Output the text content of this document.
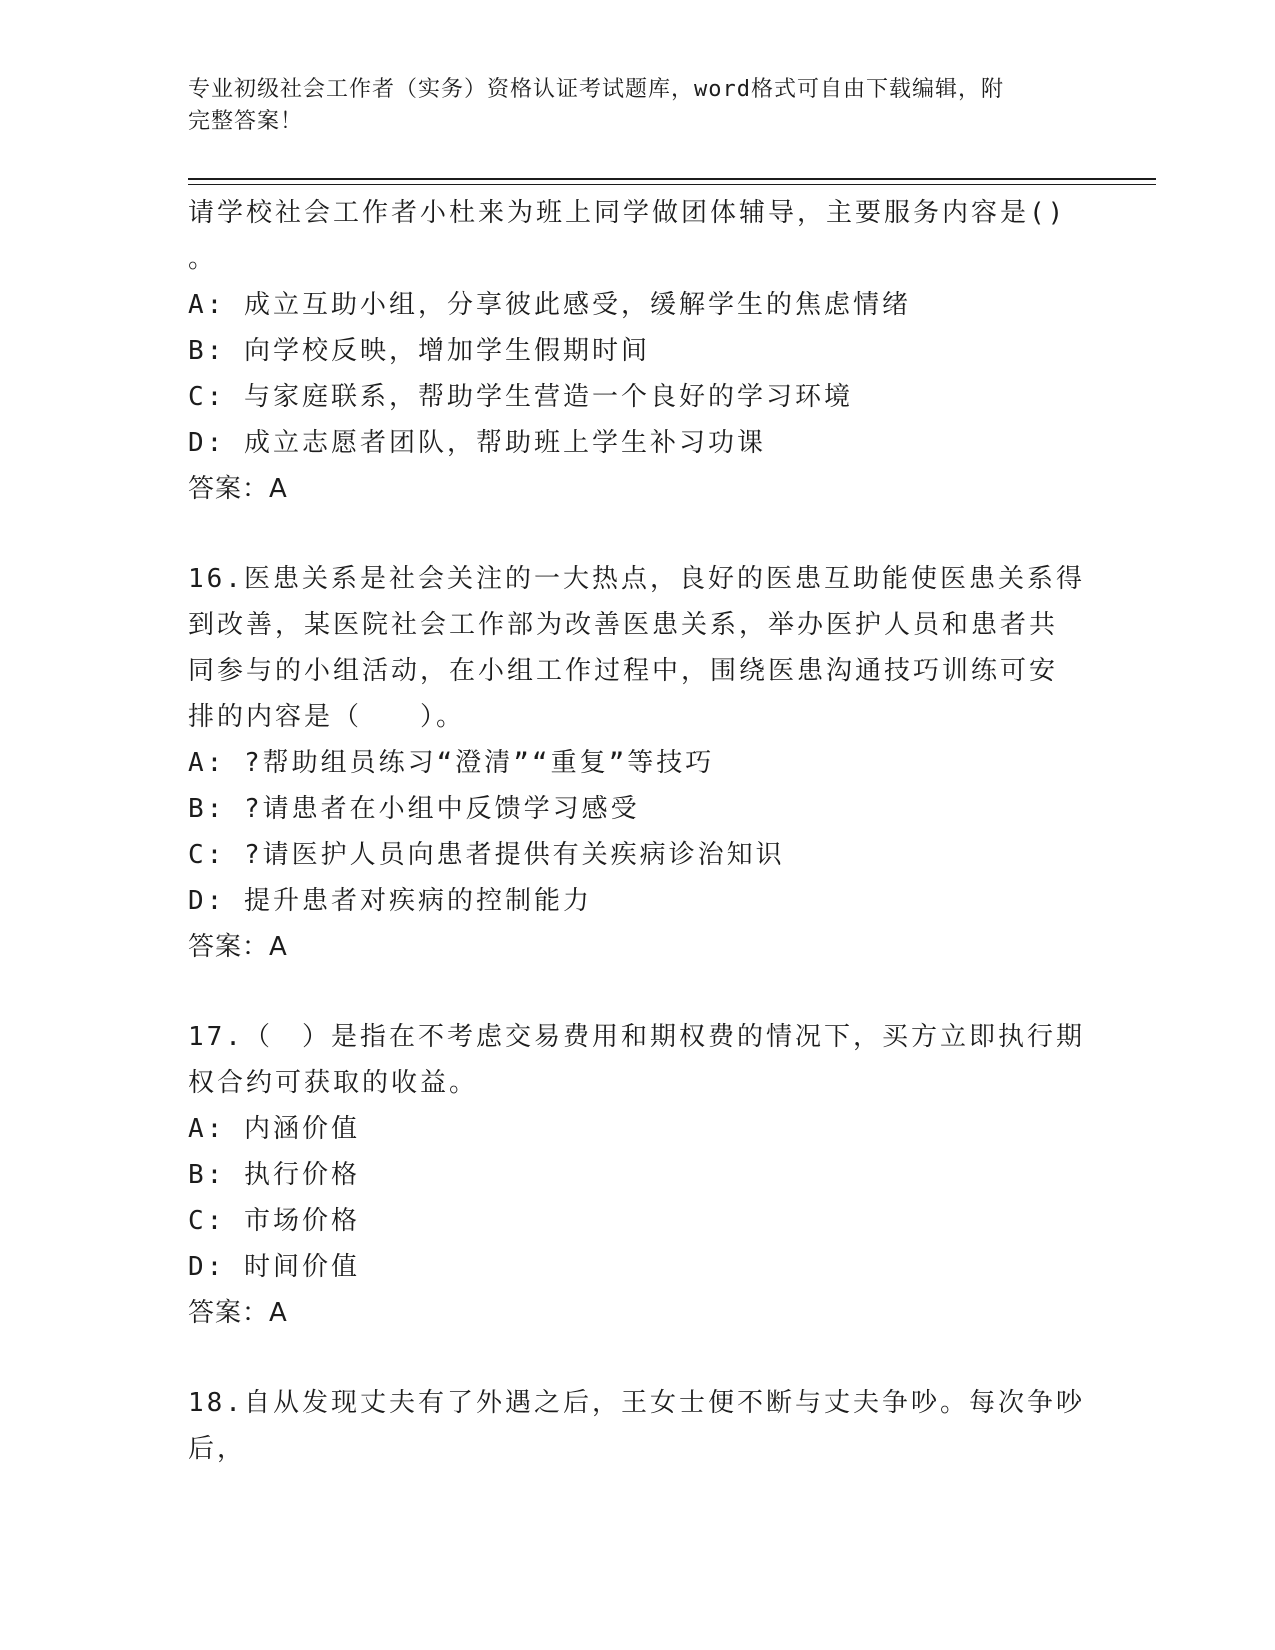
专业初级社会工作者（实务）资格认证考试题库，word格式可自由下载编辑，附
完整答案！
请学校社会工作者小杜来为班上同学做团体辅导，主要服务内容是()
。
A: 成立互助小组，分享彼此感受，缓解学生的焦虑情绪
B: 向学校反映，增加学生假期时间
C: 与家庭联系，帮助学生营造一个良好的学习环境
D: 成立志愿者团队，帮助班上学生补习功课
答案：A
16.医患关系是社会关注的一大热点，良好的医患互助能使医患关系得
到改善，某医院社会工作部为改善医患关系，举办医护人员和患者共
同参与的小组活动，在小组工作过程中，围绕医患沟通技巧训练可安
排的内容是（　　）。
A: ?帮助组员练习“澄清”“重复”等技巧
B: ?请患者在小组中反馈学习感受
C: ?请医护人员向患者提供有关疾病诊治知识
D: 提升患者对疾病的控制能力
答案：A
17.（　）是指在不考虑交易费用和期权费的情况下，买方立即执行期
权合约可获取的收益。
A: 内涵价值
B: 执行价格
C: 市场价格
D: 时间价值
答案：A
18.自从发现丈夫有了外遇之后，王女士便不断与丈夫争吵。每次争吵
后，
